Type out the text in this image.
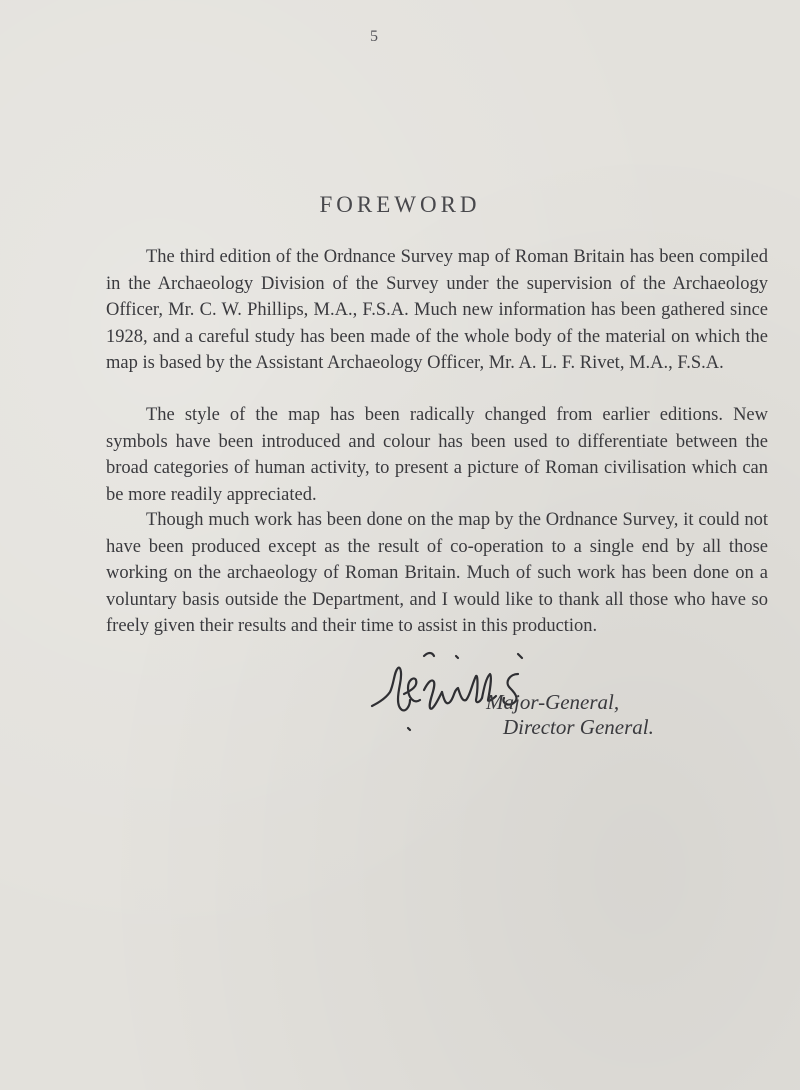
5

FOREWORD

The third edition of the Ordnance Survey map of Roman Britain has been compiled in the Archaeology Division of the Survey under the supervision of the Archaeology Officer, Mr. C. W. Phillips, M.A., F.S.A. Much new information has been gathered since 1928, and a careful study has been made of the whole body of the material on which the map is based by the Assistant Archaeology Officer, Mr. A. L. F. Rivet, M.A., F.S.A.

The style of the map has been radically changed from earlier editions. New symbols have been introduced and colour has been used to differentiate between the broad categories of human activity, to present a picture of Roman civilisation which can be more readily appreciated.

Though much work has been done on the map by the Ordnance Survey, it could not have been produced except as the result of co-operation to a single end by all those working on the archaeology of Roman Britain. Much of such work has been done on a voluntary basis outside the Department, and I would like to thank all those who have so freely given their results and their time to assist in this production.

Major-General,

Director General.
